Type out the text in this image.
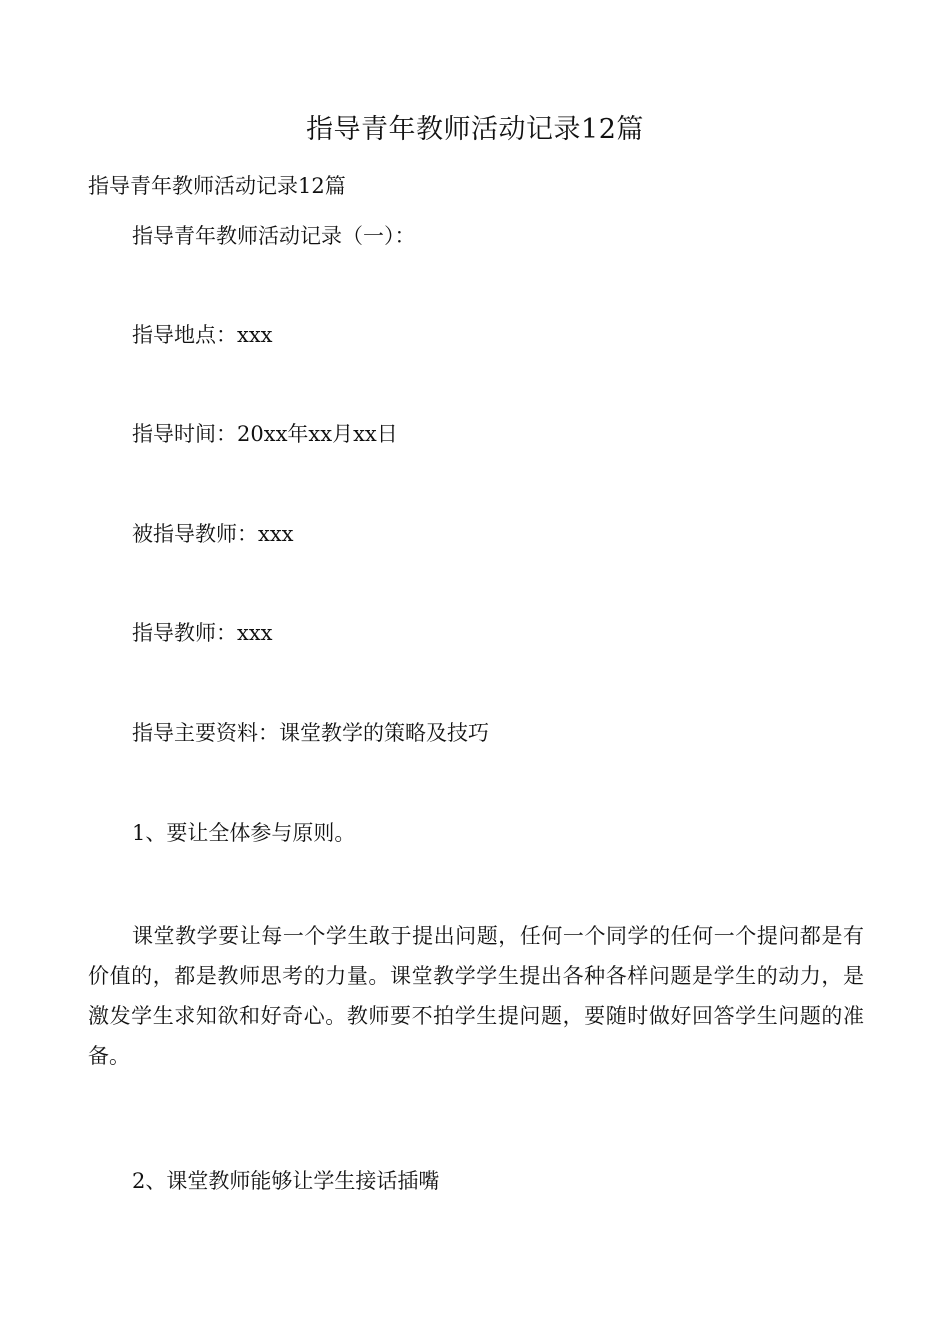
指导青年教师活动记录12篇
指导青年教师活动记录12篇
指导青年教师活动记录（一）：
指导地点：xxx
指导时间：20xx年xx月xx日
被指导教师：xxx
指导教师：xxx
指导主要资料：课堂教学的策略及技巧
1、要让全体参与原则。
课堂教学要让每一个学生敢于提出问题，任何一个同学的任何一个提问都是有价值的，都是教师思考的力量。课堂教学学生提出各种各样问题是学生的动力，是激发学生求知欲和好奇心。教师要不拍学生提问题，要随时做好回答学生问题的准备。
2、课堂教师能够让学生接话插嘴
